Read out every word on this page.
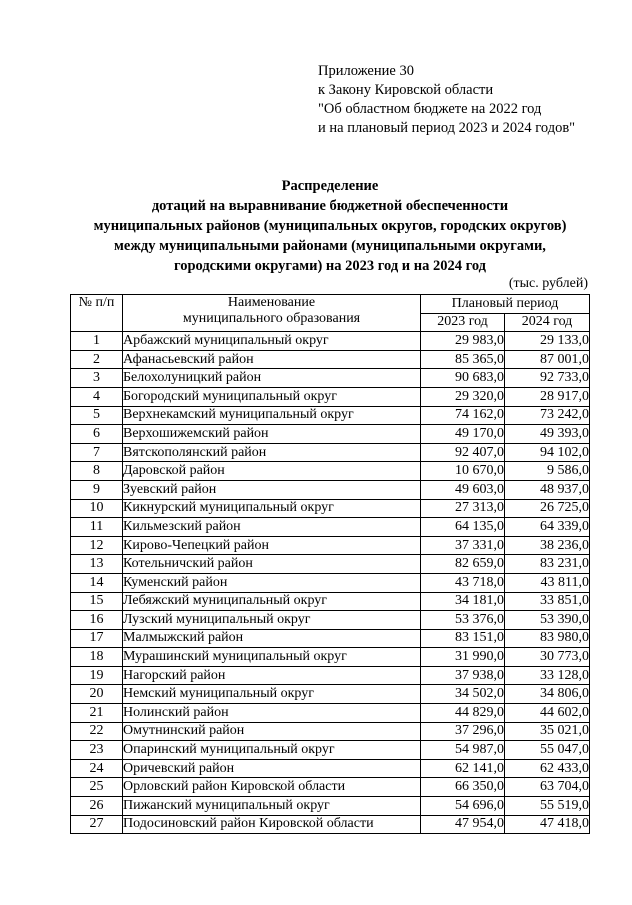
Приложение 30
к Закону Кировской области
"Об областном бюджете на 2022 год
и на плановый период 2023 и 2024 годов"
Распределение
дотаций на выравнивание бюджетной обеспеченности
муниципальных районов (муниципальных округов, городских округов)
между муниципальными районами (муниципальными округами,
городскими округами) на 2023 год и на 2024 год
(тыс. рублей)
№ п/п	Наименование
муниципального образования	Плановый период	
		2023 год	2024 год
1	Арбажский муниципальный округ	29 983,0	29 133,0
2	Афанасьевский район	85 365,0	87 001,0
3	Белохолуницкий район	90 683,0	92 733,0
4	Богородский муниципальный округ	29 320,0	28 917,0
5	Верхнекамский муниципальный округ	74 162,0	73 242,0
6	Верхошижемский район	49 170,0	49 393,0
7	Вятскополянский район	92 407,0	94 102,0
8	Даровской район	10 670,0	9 586,0
9	Зуевский район	49 603,0	48 937,0
10	Кикнурский муниципальный округ	27 313,0	26 725,0
11	Кильмезский район	64 135,0	64 339,0
12	Кирово-Чепецкий район	37 331,0	38 236,0
13	Котельничский район	82 659,0	83 231,0
14	Куменский район	43 718,0	43 811,0
15	Лебяжский муниципальный округ	34 181,0	33 851,0
16	Лузский муниципальный округ	53 376,0	53 390,0
17	Малмыжский район	83 151,0	83 980,0
18	Мурашинский муниципальный округ	31 990,0	30 773,0
19	Нагорский район	37 938,0	33 128,0
20	Немский муниципальный округ	34 502,0	34 806,0
21	Нолинский район	44 829,0	44 602,0
22	Омутнинский район	37 296,0	35 021,0
23	Опаринский муниципальный округ	54 987,0	55 047,0
24	Оричевский район	62 141,0	62 433,0
25	Орловский район Кировской области	66 350,0	63 704,0
26	Пижанский муниципальный округ	54 696,0	55 519,0
27	Подосиновский район Кировской области	47 954,0	47 418,0
